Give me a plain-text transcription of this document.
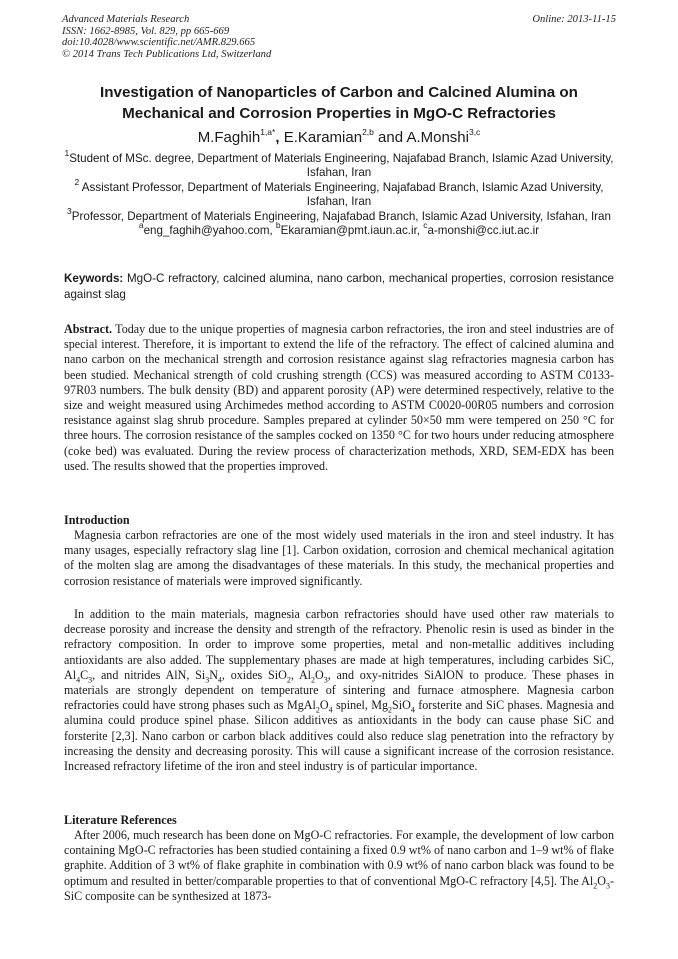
Advanced Materials Research
ISSN: 1662-8985, Vol. 829, pp 665-669
doi:10.4028/www.scientific.net/AMR.829.665
© 2014 Trans Tech Publications Ltd, Switzerland
Online: 2013-11-15
Investigation of Nanoparticles of Carbon and Calcined Alumina on
Mechanical and Corrosion Properties in MgO-C Refractories
M.Faghih$^{1,a*}$, E.Karamian$^{2,b}$ and A.Monshi$^{3,c}$

$^1$Student of MSc. degree, Department of Materials Engineering, Najafabad Branch, Islamic Azad University, Isfahan, Iran

$^2$ Assistant Professor, Department of Materials Engineering, Najafabad Branch, Islamic Azad University, Isfahan, Iran

$^3$Professor, Department of Materials Engineering, Najafabad Branch, Islamic Azad University, Isfahan, Iran

$^a$eng_faghih@yahoo.com, $^b$Ekaramian@pmt.iaun.ac.ir, $^c$a-monshi@cc.iut.ac.ir

Keywords: MgO-C refractory, calcined alumina, nano carbon, mechanical properties, corrosion resistance against slag

Abstract. Today due to the unique properties of magnesia carbon refractories, the iron and steel industries are of special interest. Therefore, it is important to extend the life of the refractory. The effect of calcined alumina and nano carbon on the mechanical strength and corrosion resistance against slag refractories magnesia carbon has been studied. Mechanical strength of cold crushing strength (CCS) was measured according to ASTM C0133-97R03 numbers. The bulk density (BD) and apparent porosity (AP) were determined respectively, relative to the size and weight measured using Archimedes method according to ASTM C0020-00R05 numbers and corrosion resistance against slag shrub procedure. Samples prepared at cylinder 50×50 mm were tempered on 250 °C for three hours. The corrosion resistance of the samples cocked on 1350 °C for two hours under reducing atmosphere (coke bed) was evaluated. During the review process of characterization methods, XRD, SEM-EDX has been used. The results showed that the properties improved.

Introduction

Magnesia carbon refractories are one of the most widely used materials in the iron and steel industry. It has many usages, especially refractory slag line [1]. Carbon oxidation, corrosion and chemical mechanical agitation of the molten slag are among the disadvantages of these materials. In this study, the mechanical properties and corrosion resistance of materials were improved significantly.

In addition to the main materials, magnesia carbon refractories should have used other raw materials to decrease porosity and increase the density and strength of the refractory. Phenolic resin is used as binder in the refractory composition. In order to improve some properties, metal and non-metallic additives including antioxidants are also added. The supplementary phases are made at high temperatures, including carbides SiC, $Al_4C_3$, and nitrides AlN, $Si_3N_4$, oxides SiO$_2$, $Al_2O_3$, and oxy-nitrides SiAlON to produce. These phases in materials are strongly dependent on temperature of sintering and furnace atmosphere. Magnesia carbon refractories could have strong phases such as $MgAl_2O_4$ spinel, $Mg_2SiO_4$ forsterite and SiC phases. Magnesia and alumina could produce spinel phase. Silicon additives as antioxidants in the body can cause phase SiC and forsterite [2,3]. Nano carbon or carbon black additives could also reduce slag penetration into the refractory by increasing the density and decreasing porosity. This will cause a significant increase of the corrosion resistance. Increased refractory lifetime of the iron and steel industry is of particular importance.

Literature References

After 2006, much research has been done on MgO-C refractories. For example, the development of low carbon containing MgO-C refractories has been studied containing a fixed 0.9 wt% of nano carbon and 1–9 wt% of flake graphite. Addition of 3 wt% of flake graphite in combination with 0.9 wt% of nano carbon black was found to be optimum and resulted in better/comparable properties to that of conventional MgO-C refractory [4,5]. The $Al_2O_3$-SiC composite can be synthesized at 1873-
